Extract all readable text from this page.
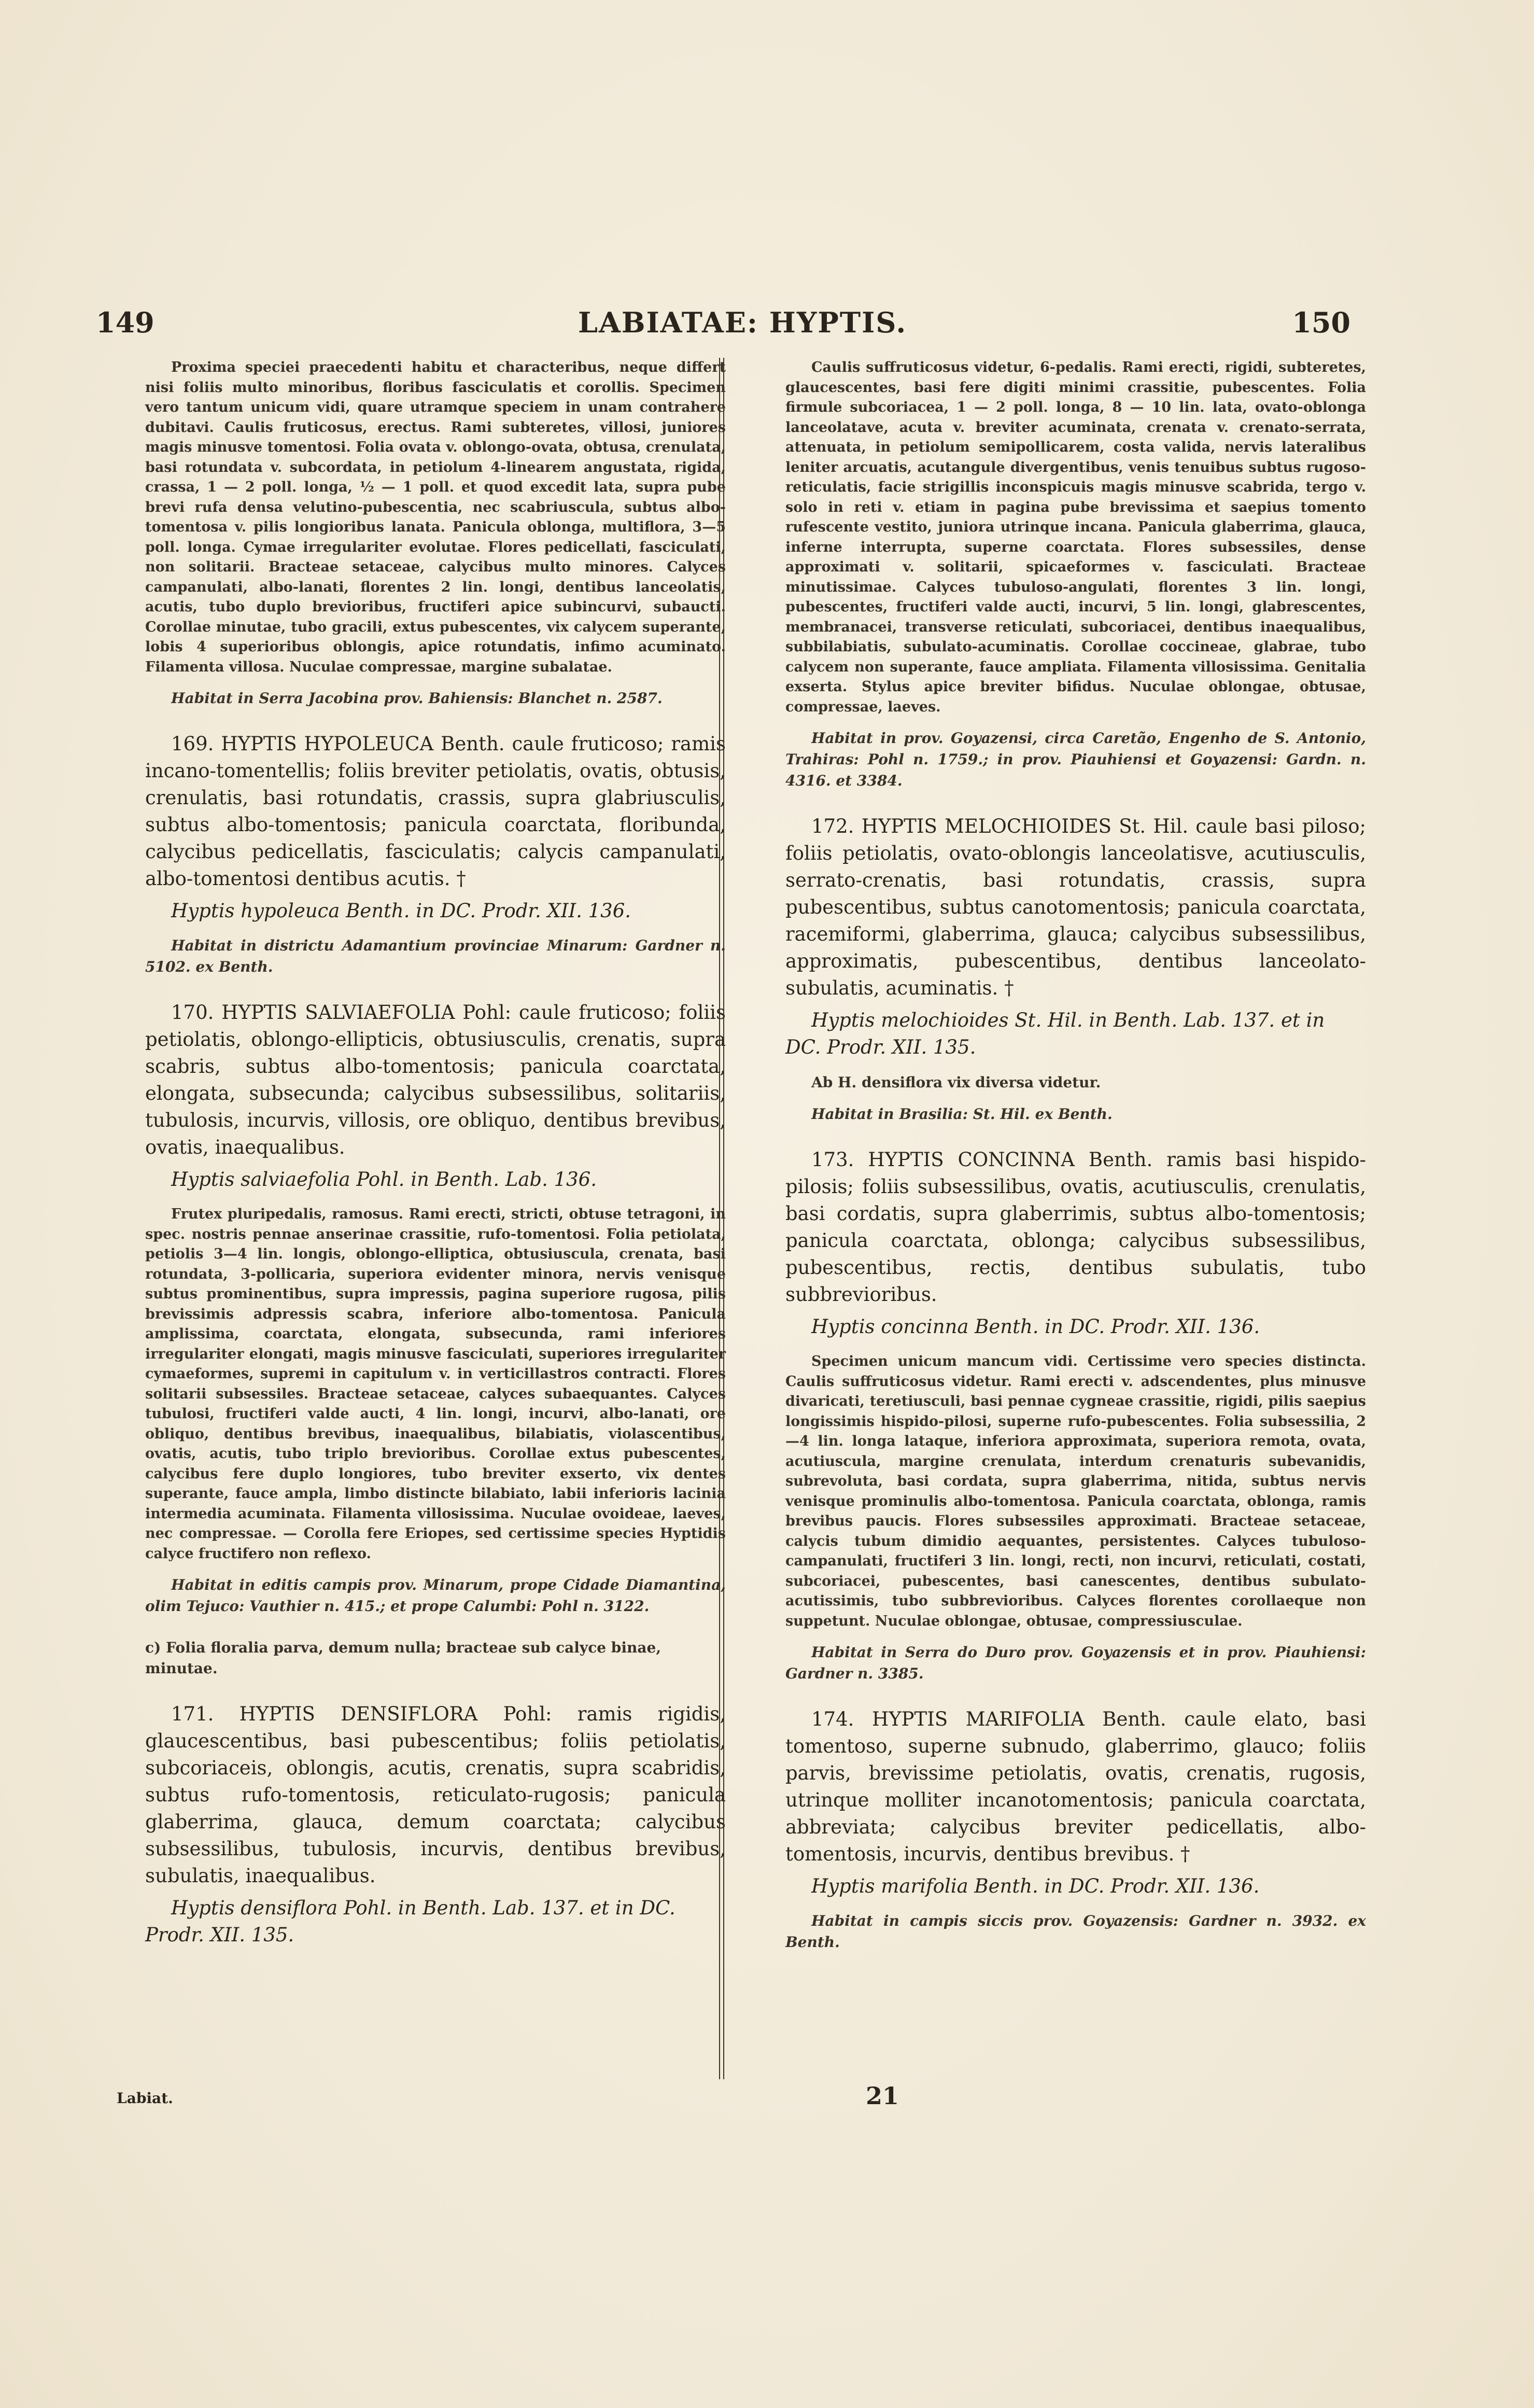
149	LABIATAE: HYPTIS.	150

Proxima speciei praecedenti habitu et characteribus, neque differt nisi foliis multo minoribus, floribus fasciculatis et corollis. Specimen vero tantum unicum vidi, quare utramque speciem in unam contrahere dubitavi. Caulis fruticosus, erectus. Rami subteretes, villosi, juniores magis minusve tomentosi. Folia ovata v. oblongo-ovata, obtusa, crenulata, basi rotundata v. subcordata, in petiolum 4-linearem angustata, rigida, crassa, 1 — 2 poll. longa, ½ — 1 poll. et quod excedit lata, supra pube brevi rufa densa velutino-pubescentia, nec scabriuscula, subtus albo-tomentosa v. pilis longioribus lanata. Panicula oblonga, multiflora, 3—5 poll. longa. Cymae irregulariter evolutae. Flores pedicellati, fasciculati, non solitarii. Bracteae setaceae, calycibus multo minores. Calyces campanulati, albo-lanati, florentes 2 lin. longi, dentibus lanceolatis, acutis, tubo duplo brevioribus, fructiferi apice subincurvi, subaucti. Corollae minutae, tubo gracili, extus pubescentes, vix calycem superante, lobis 4 superioribus oblongis, apice rotundatis, infimo acuminato. Filamenta villosa. Nuculae compressae, margine subalatae.

Habitat in Serra Jacobina prov. Bahiensis: Blanchet n. 2587.

169. HYPTIS HYPOLEUCA Benth. caule fruticoso; ramis incano-tomentellis; foliis breviter petiolatis, ovatis, obtusis, crenulatis, basi rotundatis, crassis, supra glabriusculis, subtus albo-tomentosis; panicula coarctata, floribunda, calycibus pedicellatis, fasciculatis; calycis campanulati, albo-tomentosi dentibus acutis. †

Hyptis hypoleuca Benth. in DC. Prodr. XII. 136.

Habitat in districtu Adamantium provinciae Minarum: Gardner n. 5102. ex Benth.

170. HYPTIS SALVIAEFOLIA Pohl: caule fruticoso; foliis petiolatis, oblongo-ellipticis, obtusiusculis, crenatis, supra scabris, subtus albo-tomentosis; panicula coarctata, elongata, subsecunda; calycibus subsessilibus, solitariis, tubulosis, incurvis, villosis, ore obliquo, dentibus brevibus, ovatis, inaequalibus.

Hyptis salviaefolia Pohl. in Benth. Lab. 136.

Frutex pluripedalis, ramosus. Rami erecti, stricti, obtuse tetragoni, in spec. nostris pennae anserinae crassitie, rufo-tomentosi. Folia petiolata, petiolis 3—4 lin. longis, oblongo-elliptica, obtusiuscula, crenata, basi rotundata, 3-pollicaria, superiora evidenter minora, nervis venisque subtus prominentibus, supra impressis, pagina superiore rugosa, pilis brevissimis adpressis scabra, inferiore albo-tomentosa. Panicula amplissima, coarctata, elongata, subsecunda, rami inferiores irregulariter elongati, magis minusve fasciculati, superiores irregulariter cymaeformes, supremi in capitulum v. in verticillastros contracti. Flores solitarii subsessiles. Bracteae setaceae, calyces subaequantes. Calyces tubulosi, fructiferi valde aucti, 4 lin. longi, incurvi, albo-lanati, ore obliquo, dentibus brevibus, inaequalibus, bilabiatis, violascentibus, ovatis, acutis, tubo triplo brevioribus. Corollae extus pubescentes, calycibus fere duplo longiores, tubo breviter exserto, vix dentes superante, fauce ampla, limbo distincte bilabiato, labii inferioris lacinia intermedia acuminata. Filamenta villosissima. Nuculae ovoideae, laeves, nec compressae. — Corolla fere Eriopes, sed certissime species Hyptidis calyce fructifero non reflexo.

Habitat in editis campis prov. Minarum, prope Cidade Diamantina, olim Tejuco: Vauthier n. 415.; et prope Calumbi: Pohl n. 3122.

c) Folia floralia parva, demum nulla; bracteae sub calyce binae, minutae.

171. HYPTIS DENSIFLORA Pohl: ramis rigidis, glaucescentibus, basi pubescentibus; foliis petiolatis, subcoriaceis, oblongis, acutis, crenatis, supra scabridis, subtus rufo-tomentosis, reticulato-rugosis; panicula glaberrima, glauca, demum coarctata; calycibus subsessilibus, tubulosis, incurvis, dentibus brevibus, subulatis, inaequalibus.

Hyptis densiflora Pohl. in Benth. Lab. 137. et in DC. Prodr. XII. 135.

Caulis suffruticosus videtur, 6-pedalis. Rami erecti, rigidi, subteretes, glaucescentes, basi fere digiti minimi crassitie, pubescentes. Folia firmule subcoriacea, 1 — 2 poll. longa, 8 — 10 lin. lata, ovato-oblonga lanceolatave, acuta v. breviter acuminata, crenata v. crenato-serrata, attenuata, in petiolum semipollicarem, costa valida, nervis lateralibus leniter arcuatis, acutangule divergentibus, venis tenuibus subtus rugoso-reticulatis, facie strigillis inconspicuis magis minusve scabrida, tergo v. solo in reti v. etiam in pagina pube brevissima et saepius tomento rufescente vestito, juniora utrinque incana. Panicula glaberrima, glauca, inferne interrupta, superne coarctata. Flores subsessiles, dense approximati v. solitarii, spicaeformes v. fasciculati. Bracteae minutissimae. Calyces tubuloso-angulati, florentes 3 lin. longi, pubescentes, fructiferi valde aucti, incurvi, 5 lin. longi, glabrescentes, membranacei, transverse reticulati, subcoriacei, dentibus inaequalibus, subbilabiatis, subulato-acuminatis. Corollae coccineae, glabrae, tubo calycem non superante, fauce ampliata. Filamenta villosissima. Genitalia exserta. Stylus apice breviter bifidus. Nuculae oblongae, obtusae, compressae, laeves.

Habitat in prov. Goyazensi, circa Caretão, Engenho de S. Antonio, Trahiras: Pohl n. 1759.; in prov. Piauhiensi et Goyazensi: Gardn. n. 4316. et 3384.

172. HYPTIS MELOCHIOIDES St. Hil. caule basi piloso; foliis petiolatis, ovato-oblongis lanceolatisve, acutiusculis, serrato-crenatis, basi rotundatis, crassis, supra pubescentibus, subtus canotomentosis; panicula coarctata, racemiformi, glaberrima, glauca; calycibus subsessilibus, approximatis, pubescentibus, dentibus lanceolato-subulatis, acuminatis. †

Hyptis melochioides St. Hil. in Benth. Lab. 137. et in DC. Prodr. XII. 135.

Ab H. densiflora vix diversa videtur.

Habitat in Brasilia: St. Hil. ex Benth.

173. HYPTIS CONCINNA Benth. ramis basi hispido-pilosis; foliis subsessilibus, ovatis, acutiusculis, crenulatis, basi cordatis, supra glaberrimis, subtus albo-tomentosis; panicula coarctata, oblonga; calycibus subsessilibus, pubescentibus, rectis, dentibus subulatis, tubo subbrevioribus.

Hyptis concinna Benth. in DC. Prodr. XII. 136.

Specimen unicum mancum vidi. Certissime vero species distincta. Caulis suffruticosus videtur. Rami erecti v. adscendentes, plus minusve divaricati, teretiusculi, basi pennae cygneae crassitie, rigidi, pilis saepius longissimis hispido-pilosi, superne rufo-pubescentes. Folia subsessilia, 2—4 lin. longa lataque, inferiora approximata, superiora remota, ovata, acutiuscula, margine crenulata, interdum crenaturis subevanidis, subrevoluta, basi cordata, supra glaberrima, nitida, subtus nervis venisque prominulis albo-tomentosa. Panicula coarctata, oblonga, ramis brevibus paucis. Flores subsessiles approximati. Bracteae setaceae, calycis tubum dimidio aequantes, persistentes. Calyces tubuloso-campanulati, fructiferi 3 lin. longi, recti, non incurvi, reticulati, costati, subcoriacei, pubescentes, basi canescentes, dentibus subulato-acutissimis, tubo subbrevioribus. Calyces florentes corollaeque non suppetunt. Nuculae oblongae, obtusae, compressiusculae.

Habitat in Serra do Duro prov. Goyazensis et in prov. Piauhiensi: Gardner n. 3385.

174. HYPTIS MARIFOLIA Benth. caule elato, basi tomentoso, superne subnudo, glaberrimo, glauco; foliis parvis, brevissime petiolatis, ovatis, crenatis, rugosis, utrinque molliter incanotomentosis; panicula coarctata, abbreviata; calycibus breviter pedicellatis, albo-tomentosis, incurvis, dentibus brevibus. †

Hyptis marifolia Benth. in DC. Prodr. XII. 136.

Habitat in campis siccis prov. Goyazensis: Gardner n. 3932. ex Benth.

Labiat.	21
